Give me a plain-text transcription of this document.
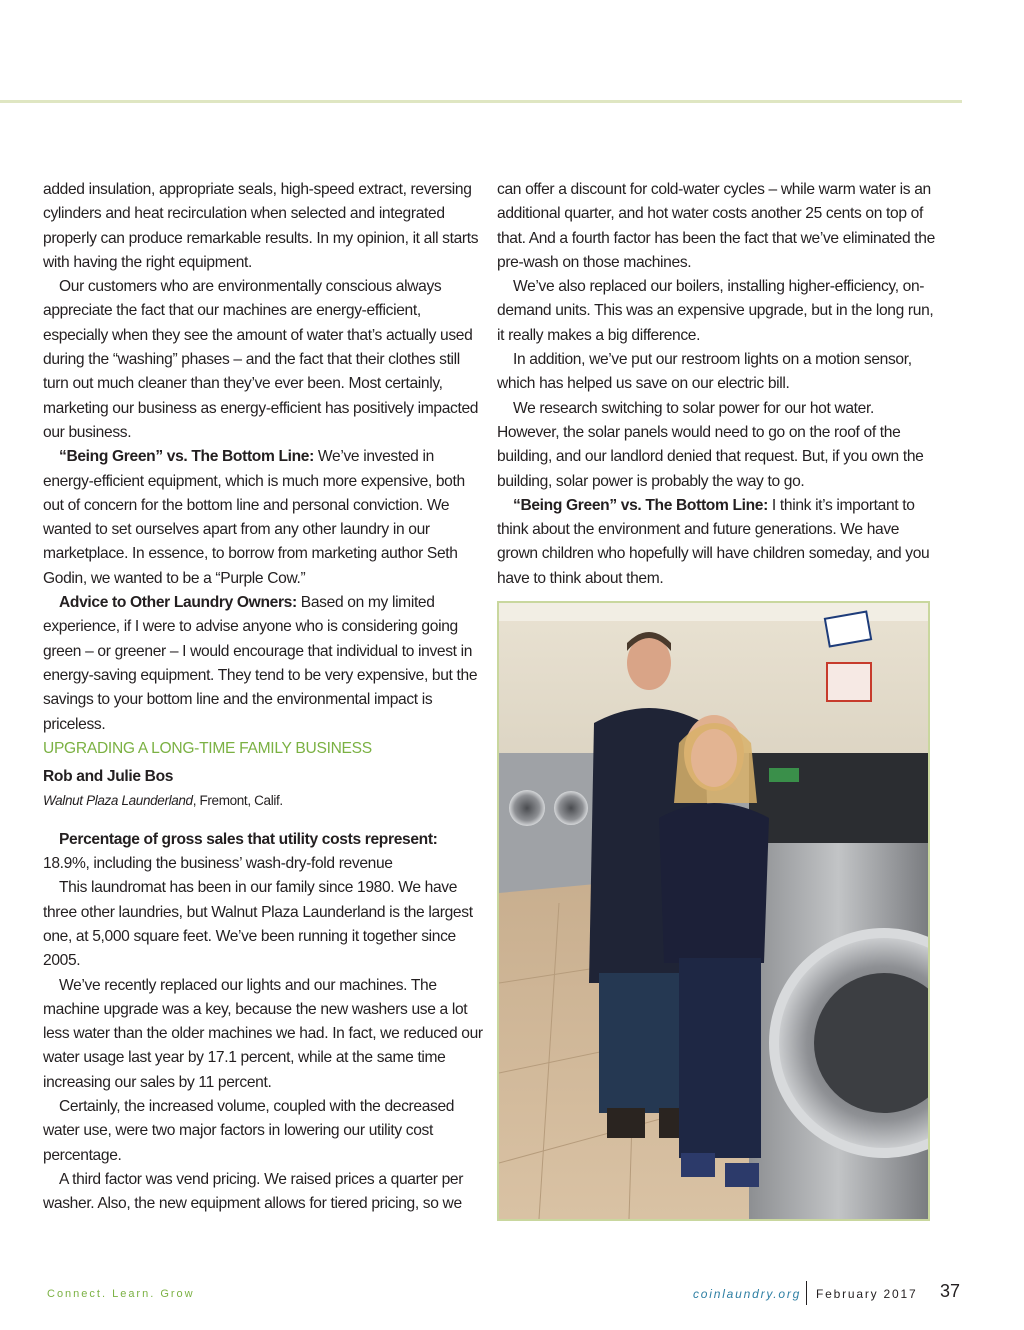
added insulation, appropriate seals, high-speed extract, reversing cylinders and heat recirculation when selected and integrated properly can produce remarkable results. In my opinion, it all starts with having the right equipment.

Our customers who are environmentally conscious always appreciate the fact that our machines are energy-efficient, especially when they see the amount of water that’s actually used during the “washing” phases – and the fact that their clothes still turn out much cleaner than they’ve ever been. Most certainly, marketing our business as energy-efficient has positively impacted our business.

“Being Green” vs. The Bottom Line: We’ve invested in energy-efficient equipment, which is much more expensive, both out of concern for the bottom line and personal conviction. We wanted to set ourselves apart from any other laundry in our marketplace. In essence, to borrow from marketing author Seth Godin, we wanted to be a “Purple Cow.”

Advice to Other Laundry Owners: Based on my limited experience, if I were to advise anyone who is considering going green – or greener – I would encourage that individual to invest in energy-saving equipment. They tend to be very expensive, but the savings to your bottom line and the environmental impact is priceless.

UPGRADING A LONG-TIME FAMILY BUSINESS

Rob and Julie Bos

Walnut Plaza Launderland, Fremont, Calif.

Percentage of gross sales that utility costs represent: 18.9%, including the business’ wash-dry-fold revenue

This laundromat has been in our family since 1980. We have three other laundries, but Walnut Plaza Launderland is the largest one, at 5,000 square feet. We’ve been running it together since 2005.

We’ve recently replaced our lights and our machines. The machine upgrade was a key, because the new washers use a lot less water than the older machines we had. In fact, we reduced our water usage last year by 17.1 percent, while at the same time increasing our sales by 11 percent.

Certainly, the increased volume, coupled with the decreased water use, were two major factors in lowering our utility cost percentage.

A third factor was vend pricing. We raised prices a quarter per washer. Also, the new equipment allows for tiered pricing, so we

can offer a discount for cold-water cycles – while warm water is an additional quarter, and hot water costs another 25 cents on top of that. And a fourth factor has been the fact that we’ve eliminated the pre-wash on those machines.

We’ve also replaced our boilers, installing higher-efficiency, on-demand units. This was an expensive upgrade, but in the long run, it really makes a big difference.

In addition, we’ve put our restroom lights on a motion sensor, which has helped us save on our electric bill.

We research switching to solar power for our hot water. However, the solar panels would need to go on the roof of the building, and our landlord denied that request. But, if you own the building, solar power is probably the way to go.

“Being Green” vs. The Bottom Line: I think it’s important to think about the environment and future generations. We have grown children who hopefully will have children someday, and you have to think about them.

Connect. Learn. Grow	coinlaundry.org February 2017 37
